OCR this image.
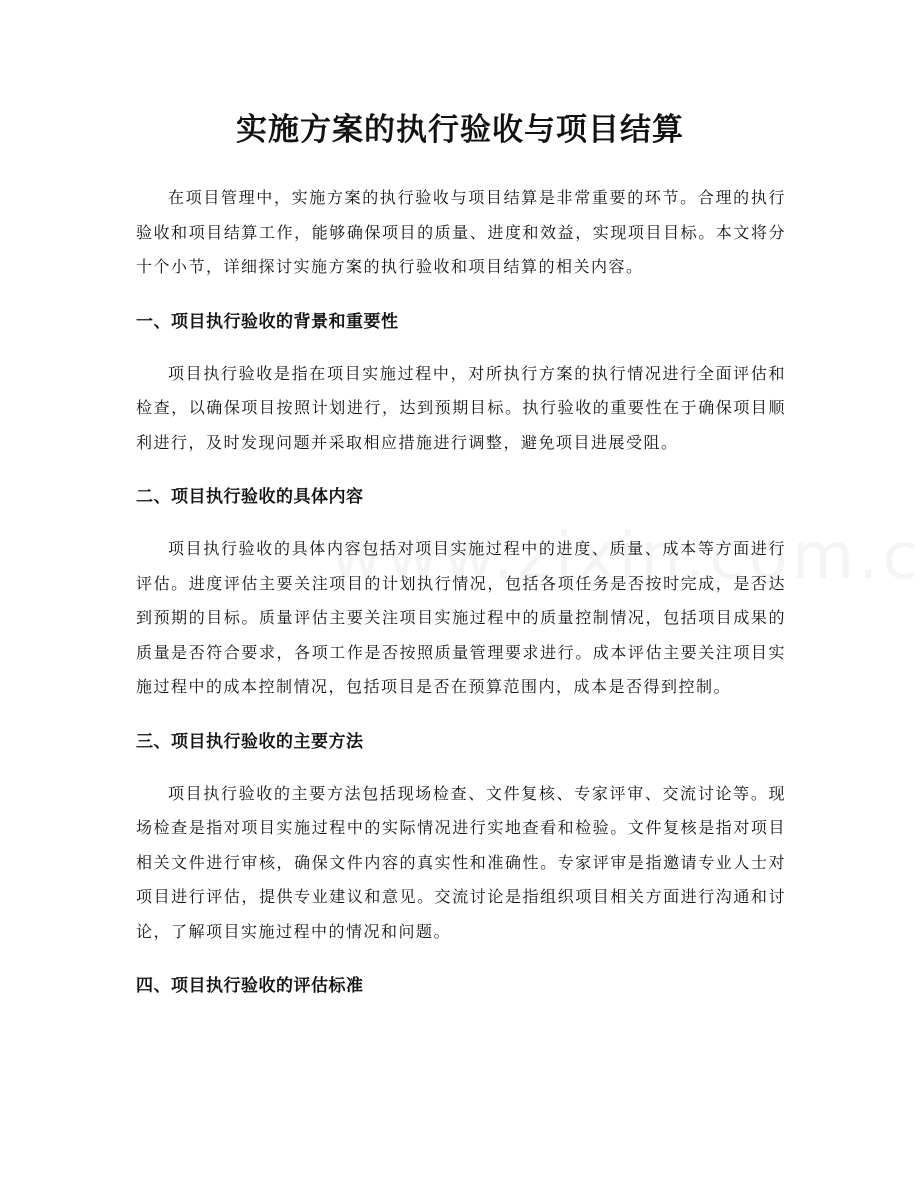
实施方案的执行验收与项目结算

在项目管理中，实施方案的执行验收与项目结算是非常重要的环节。合理的执行验收和项目结算工作，能够确保项目的质量、进度和效益，实现项目目标。本文将分十个小节，详细探讨实施方案的执行验收和项目结算的相关内容。

一、项目执行验收的背景和重要性

项目执行验收是指在项目实施过程中，对所执行方案的执行情况进行全面评估和检查，以确保项目按照计划进行，达到预期目标。执行验收的重要性在于确保项目顺利进行，及时发现问题并采取相应措施进行调整，避免项目进展受阻。

二、项目执行验收的具体内容

项目执行验收的具体内容包括对项目实施过程中的进度、质量、成本等方面进行评估。进度评估主要关注项目的计划执行情况，包括各项任务是否按时完成，是否达到预期的目标。质量评估主要关注项目实施过程中的质量控制情况，包括项目成果的质量是否符合要求，各项工作是否按照质量管理要求进行。成本评估主要关注项目实施过程中的成本控制情况，包括项目是否在预算范围内，成本是否得到控制。

三、项目执行验收的主要方法

项目执行验收的主要方法包括现场检查、文件复核、专家评审、交流讨论等。现场检查是指对项目实施过程中的实际情况进行实地查看和检验。文件复核是指对项目相关文件进行审核，确保文件内容的真实性和准确性。专家评审是指邀请专业人士对项目进行评估，提供专业建议和意见。交流讨论是指组织项目相关方面进行沟通和讨论，了解项目实施过程中的情况和问题。

四、项目执行验收的评估标准
